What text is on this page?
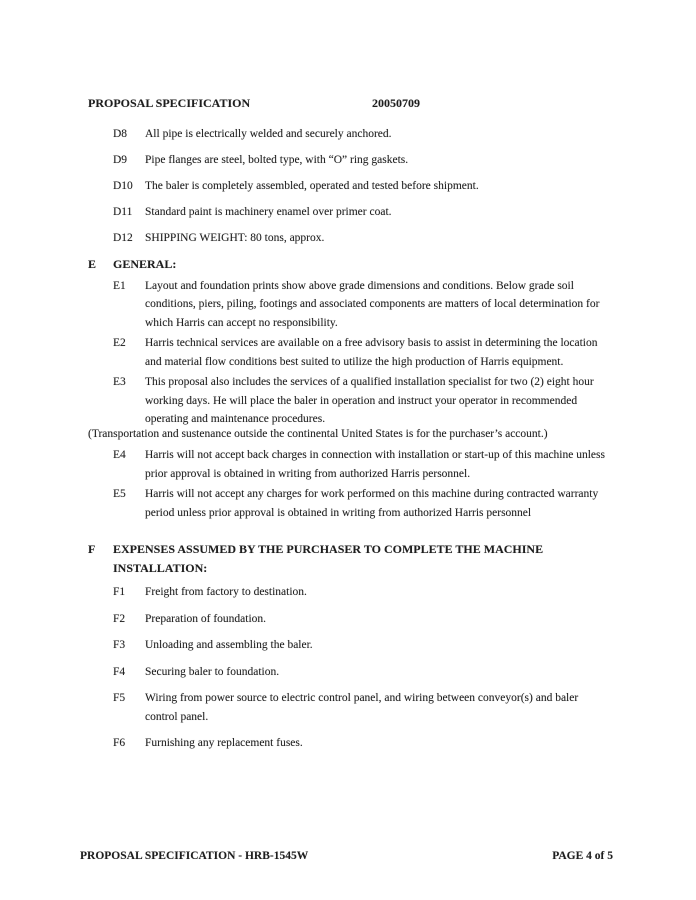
PROPOSAL SPECIFICATION	20050709
D8	All pipe is electrically welded and securely anchored.
D9	Pipe flanges are steel, bolted type, with “O” ring gaskets.
D10	The baler is completely assembled, operated and tested before shipment.
D11	Standard paint is machinery enamel over primer coat.
D12	SHIPPING WEIGHT: 80 tons, approx.
E	GENERAL:
E1	Layout and foundation prints show above grade dimensions and conditions. Below grade soil conditions, piers, piling, footings and associated components are matters of local determination for which Harris can accept no responsibility.
E2	Harris technical services are available on a free advisory basis to assist in determining the location and material flow conditions best suited to utilize the high production of Harris equipment.
E3	This proposal also includes the services of a qualified installation specialist for two (2) eight hour working days. He will place the baler in operation and instruct your operator in recommended operating and maintenance procedures.
(Transportation and sustenance outside the continental United States is for the purchaser’s account.)
E4	Harris will not accept back charges in connection with installation or start-up of this machine unless prior approval is obtained in writing from authorized Harris personnel.
E5	Harris will not accept any charges for work performed on this machine during contracted warranty period unless prior approval is obtained in writing from authorized Harris personnel
F	EXPENSES ASSUMED BY THE PURCHASER TO COMPLETE THE MACHINE
INSTALLATION:
F1	Freight from factory to destination.
F2	Preparation of foundation.
F3	Unloading and assembling the baler.
F4	Securing baler to foundation.
F5	Wiring from power source to electric control panel, and wiring between conveyor(s) and baler control panel.
F6	Furnishing any replacement fuses.
PROPOSAL SPECIFICATION - HRB-1545W	PAGE 4 of 5
